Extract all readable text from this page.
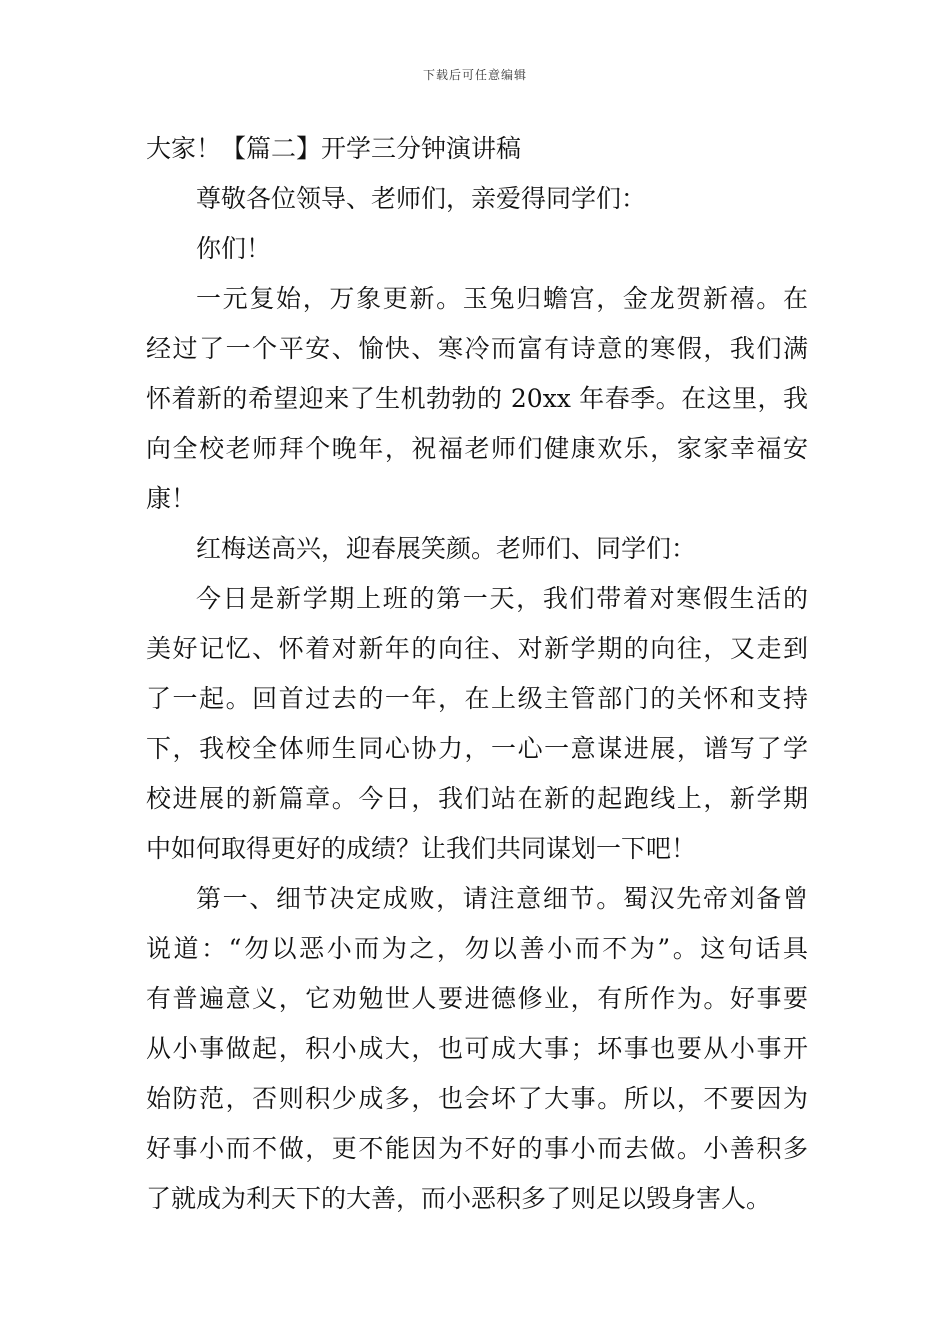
下载后可任意编辑

大家！【篇二】开学三分钟演讲稿

尊敬各位领导、老师们，亲爱得同学们：

你们！

一元复始，万象更新。玉兔归蟾宫，金龙贺新禧。在
经过了一个平安、愉快、寒冷而富有诗意的寒假，我们满
怀着新的希望迎来了生机勃勃的 20xx 年春季。在这里，我
向全校老师拜个晚年，祝福老师们健康欢乐，家家幸福安
康！

红梅送高兴，迎春展笑颜。老师们、同学们：

今日是新学期上班的第一天，我们带着对寒假生活的
美好记忆、怀着对新年的向往、对新学期的向往，又走到
了一起。回首过去的一年，在上级主管部门的关怀和支持
下，我校全体师生同心协力，一心一意谋进展，谱写了学
校进展的新篇章。今日，我们站在新的起跑线上，新学期
中如何取得更好的成绩？让我们共同谋划一下吧！

第一、细节决定成败，请注意细节。蜀汉先帝刘备曾
说道：“勿以恶小而为之，勿以善小而不为”。这句话具
有普遍意义，它劝勉世人要进德修业，有所作为。好事要
从小事做起，积小成大，也可成大事；坏事也要从小事开
始防范，否则积少成多，也会坏了大事。所以，不要因为
好事小而不做，更不能因为不好的事小而去做。小善积多
了就成为利天下的大善，而小恶积多了则足以毁身害人。
